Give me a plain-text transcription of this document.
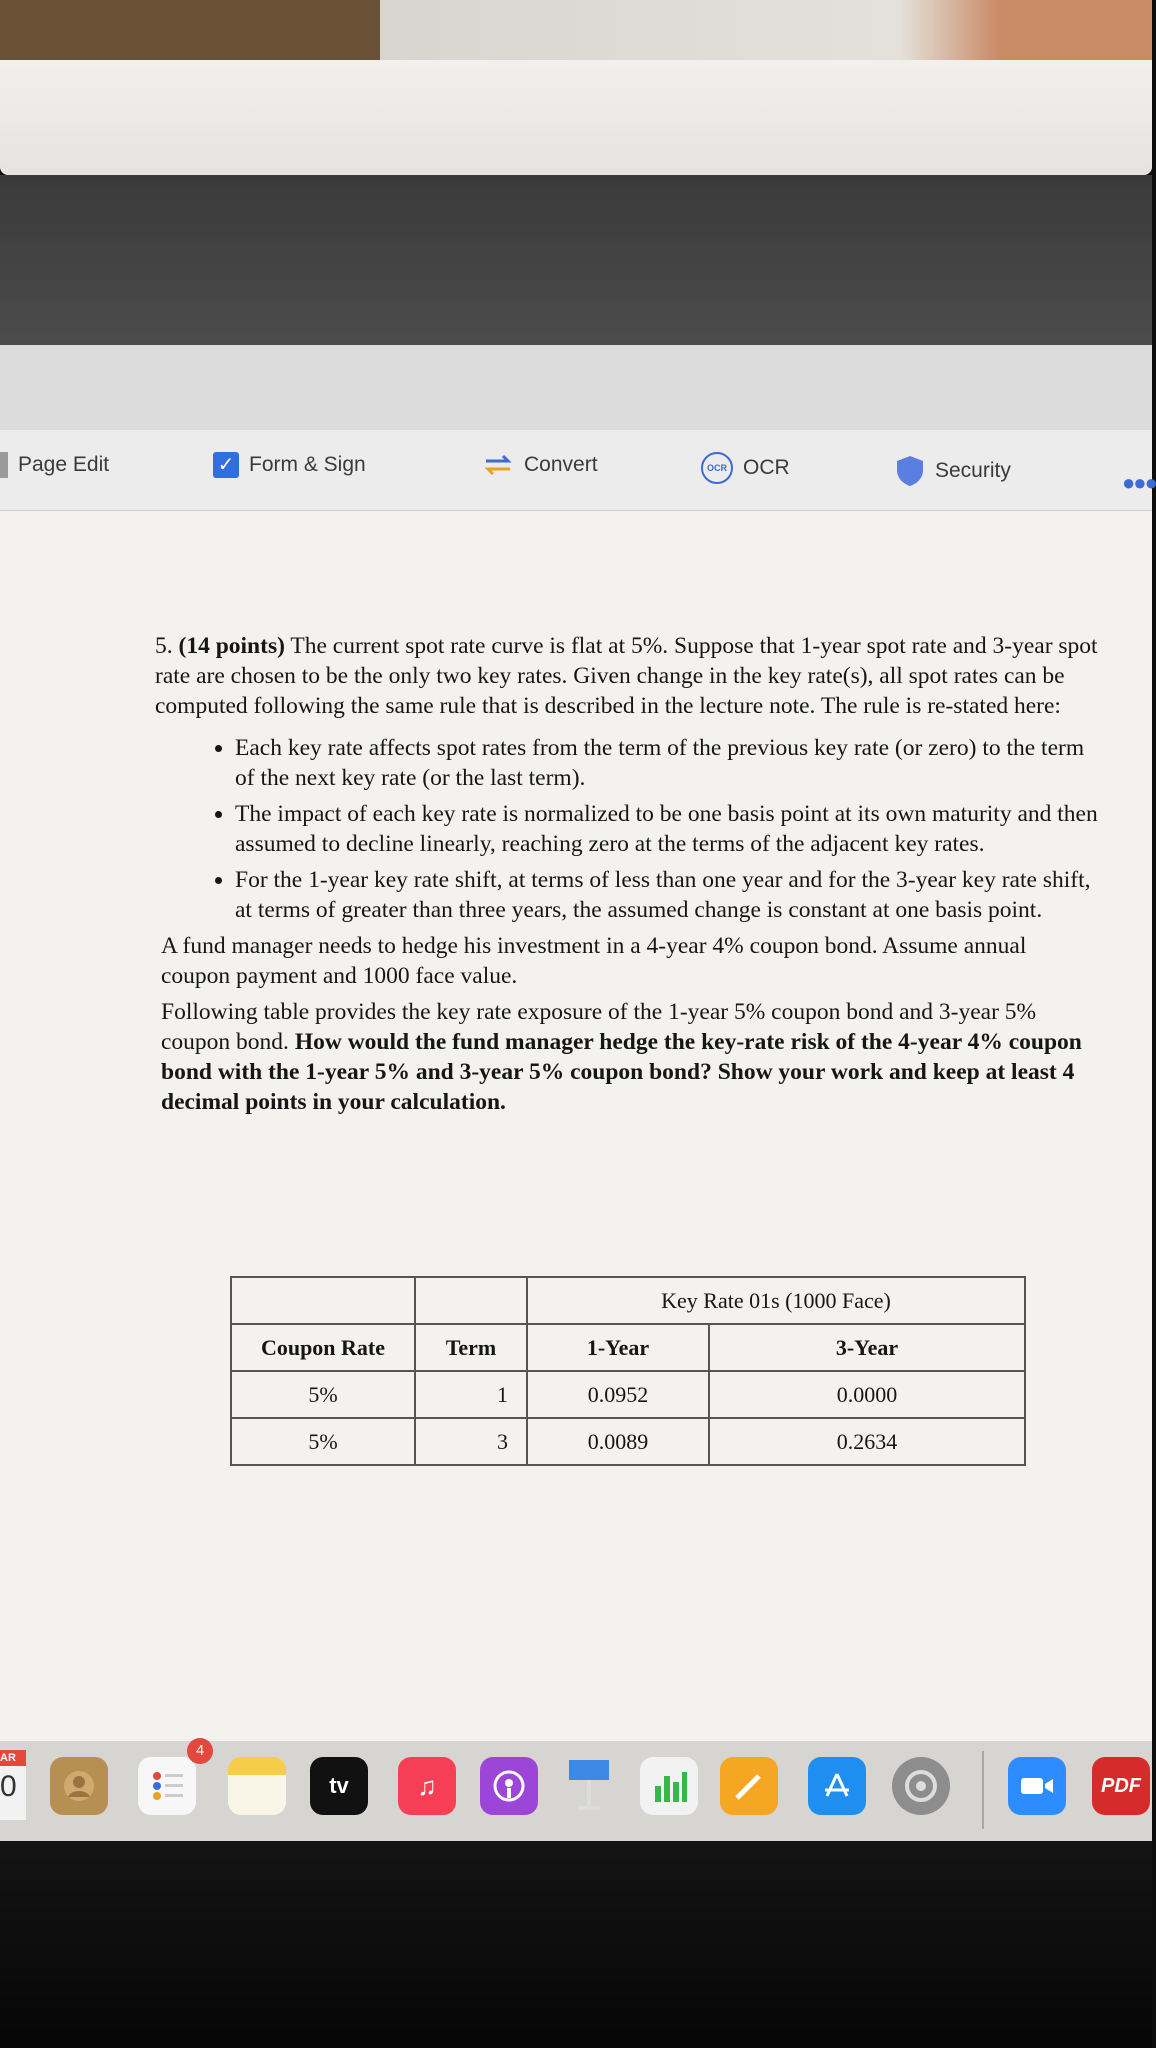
Page Edit	✓ Form & Sign	Convert	OCR OCR	Security	●●●

5. (14 points) The current spot rate curve is flat at 5%. Suppose that 1-year spot rate and 3-year spot rate are chosen to be the only two key rates. Given change in the key rate(s), all spot rates can be computed following the same rule that is described in the lecture note. The rule is re-stated here:

• Each key rate affects spot rates from the term of the previous key rate (or zero) to the term of the next key rate (or the last term).
• The impact of each key rate is normalized to be one basis point at its own maturity and then assumed to decline linearly, reaching zero at the terms of the adjacent key rates.
• For the 1-year key rate shift, at terms of less than one year and for the 3-year key rate shift, at terms of greater than three years, the assumed change is constant at one basis point.

A fund manager needs to hedge his investment in a 4-year 4% coupon bond. Assume annual coupon payment and 1000 face value.

Following table provides the key rate exposure of the 1-year 5% coupon bond and 3-year 5% coupon bond. How would the fund manager hedge the key-rate risk of the 4-year 4% coupon bond with the 1-year 5% and 3-year 5% coupon bond? Show your work and keep at least 4 decimal points in your calculation.

		Key Rate 01s (1000 Face)	
Coupon Rate	Term	1-Year	3-Year
5%	1	0.0952	0.0000
5%	3	0.0089	0.2634
tv	♫	PDF
4
AR
0
